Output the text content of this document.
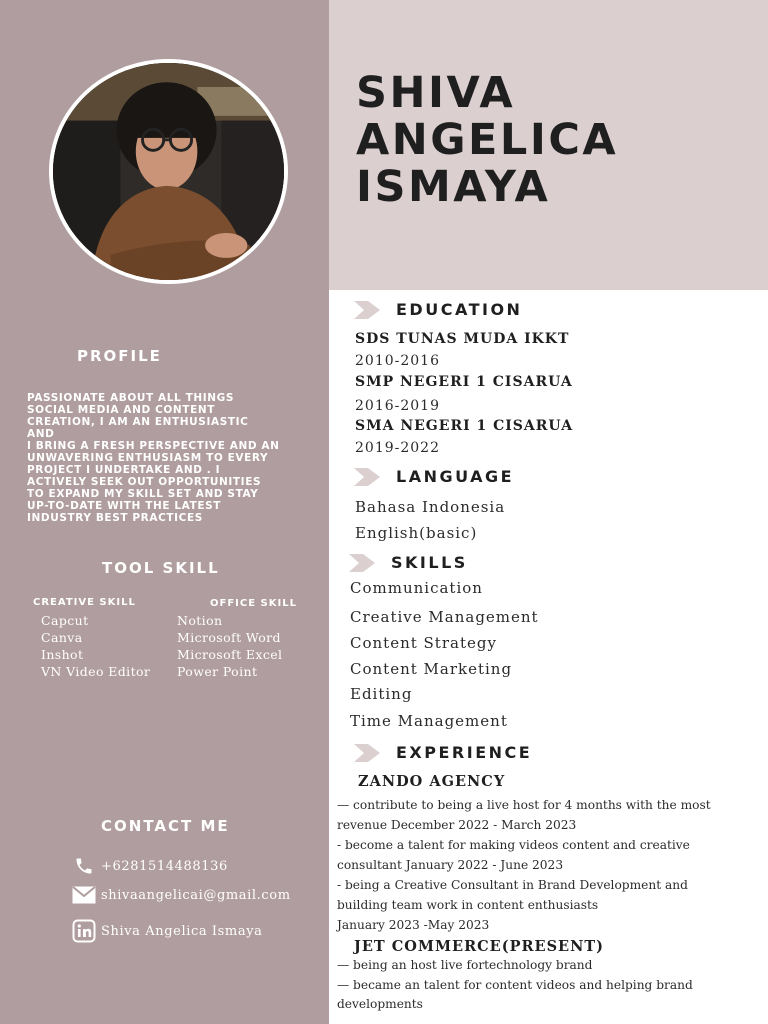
SHIVA
ANGELICA
ISMAYA
PROFILE
PASSIONATE ABOUT ALL THINGS
SOCIAL MEDIA AND CONTENT
CREATION, I AM AN ENTHUSIASTIC
AND
I BRING A FRESH PERSPECTIVE AND AN
UNWAVERING ENTHUSIASM TO EVERY
PROJECT I UNDERTAKE AND . I
ACTIVELY SEEK OUT OPPORTUNITIES
TO EXPAND MY SKILL SET AND STAY
UP-TO-DATE WITH THE LATEST
INDUSTRY BEST PRACTICES
TOOL SKILL
CREATIVE SKILL	OFFICE SKILL
Capcut
Canva
Inshot
VN Video Editor
Notion
Microsoft Word
Microsoft Excel
Power Point
CONTACT ME
+6281514488136
shivaangelicai@gmail.com
Shiva Angelica Ismaya
EDUCATION
SDS TUNAS MUDA IKKT
2010-2016
SMP NEGERI 1 CISARUA
2016-2019
SMA NEGERI 1 CISARUA
2019-2022
LANGUAGE
Bahasa Indonesia
English(basic)
SKILLS
Communication
Creative Management
Content Strategy
Content Marketing
Editing
Time Management
EXPERIENCE
ZANDO AGENCY
— contribute to being a live host for 4 months with the most
revenue December 2022 - March 2023
- become a talent for making videos content and creative
consultant January 2022 - June 2023
- being a Creative Consultant in Brand Development and
building team work in content enthusiasts
January 2023 -May 2023
JET COMMERCE(PRESENT)
— being an host live fortechnology brand
— became an talent for content videos and helping brand
developments
